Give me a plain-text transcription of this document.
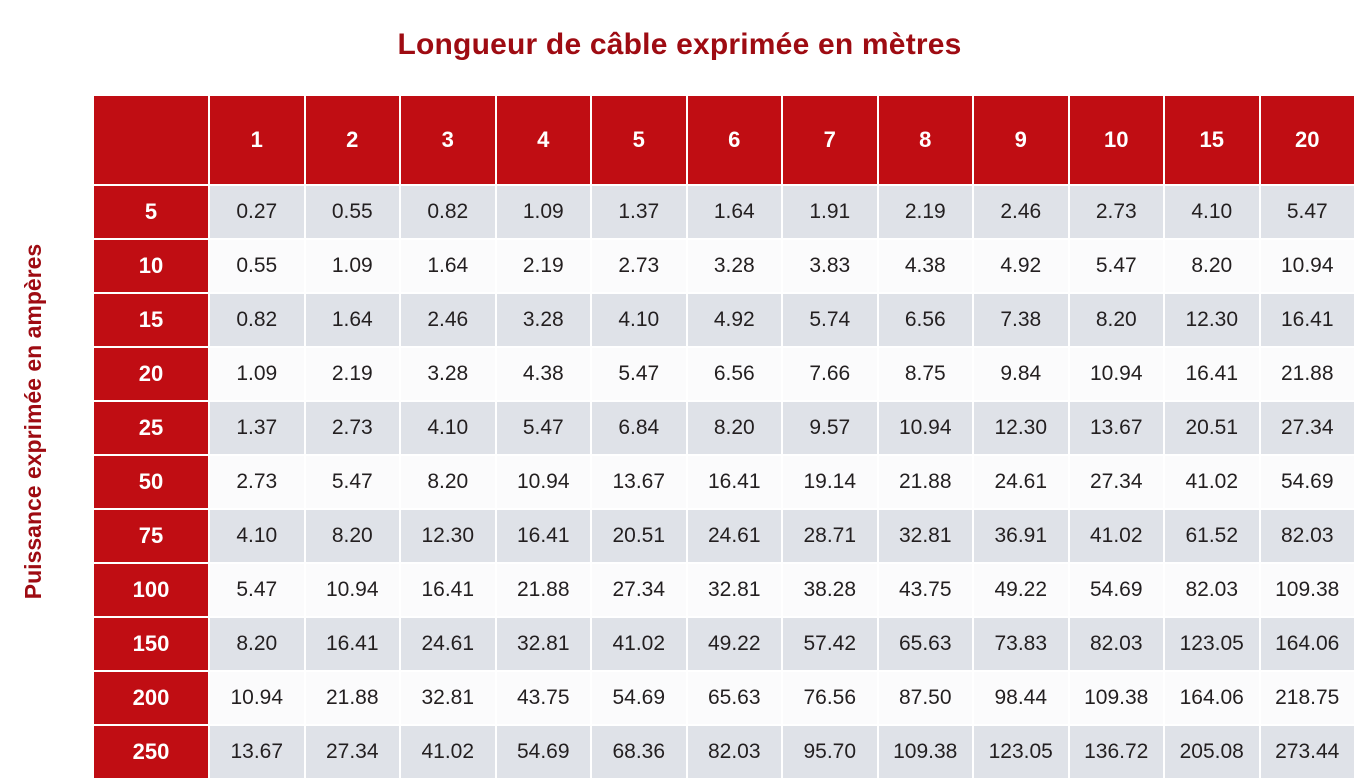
Longueur de câble exprimée en mètres
Puissance exprimée en ampères
	1	2	3	4	5	6	7	8	9	10	15	20
5	0.27	0.55	0.82	1.09	1.37	1.64	1.91	2.19	2.46	2.73	4.10	5.47
10	0.55	1.09	1.64	2.19	2.73	3.28	3.83	4.38	4.92	5.47	8.20	10.94
15	0.82	1.64	2.46	3.28	4.10	4.92	5.74	6.56	7.38	8.20	12.30	16.41
20	1.09	2.19	3.28	4.38	5.47	6.56	7.66	8.75	9.84	10.94	16.41	21.88
25	1.37	2.73	4.10	5.47	6.84	8.20	9.57	10.94	12.30	13.67	20.51	27.34
50	2.73	5.47	8.20	10.94	13.67	16.41	19.14	21.88	24.61	27.34	41.02	54.69
75	4.10	8.20	12.30	16.41	20.51	24.61	28.71	32.81	36.91	41.02	61.52	82.03
100	5.47	10.94	16.41	21.88	27.34	32.81	38.28	43.75	49.22	54.69	82.03	109.38
150	8.20	16.41	24.61	32.81	41.02	49.22	57.42	65.63	73.83	82.03	123.05	164.06
200	10.94	21.88	32.81	43.75	54.69	65.63	76.56	87.50	98.44	109.38	164.06	218.75
250	13.67	27.34	41.02	54.69	68.36	82.03	95.70	109.38	123.05	136.72	205.08	273.44
